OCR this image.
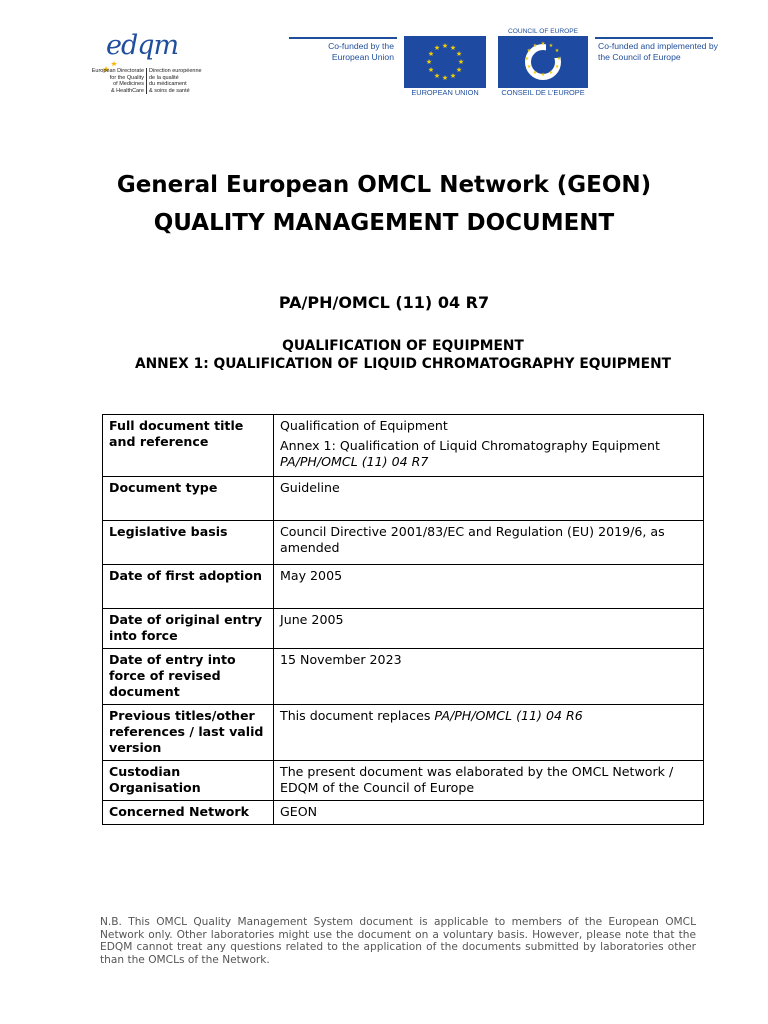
edqm
European Directorate
for the Quality
of Medicines
& HealthCare
Direction européenne
de la qualité
du médicament
& soins de santé
Co-funded by the European Union
★ ★
★
★
★
★
★
★
★
★
★
★
EUROPEAN UNION
COUNCIL OF EUROPE
★ ★
★
★
★
★
★
★
★
★
★
★
CONSEIL DE L'EUROPE
Co-funded and implemented by the Council of Europe
General European OMCL Network (GEON)
QUALITY MANAGEMENT DOCUMENT
PA/PH/OMCL (11) 04 R7
QUALIFICATION OF EQUIPMENT
ANNEX 1: QUALIFICATION OF LIQUID CHROMATOGRAPHY EQUIPMENT
Full document title and reference	Qualification of Equipment

Annex 1: Qualification of Liquid Chromatography Equipment

PA/PH/OMCL (11) 04 R7

Document type	Guideline
Legislative basis	Council Directive 2001/83/EC and Regulation (EU) 2019/6, as amended
Date of first adoption	May 2005
Date of original entry into force	June 2005
Date of entry into force of revised document	15 November 2023
Previous titles/other references / last valid version	This document replaces PA/PH/OMCL (11) 04 R6
Custodian Organisation	The present document was elaborated by the OMCL Network / EDQM of the Council of Europe
Concerned Network	GEON
N.B. This OMCL Quality Management System document is applicable to members of the European OMCL Network only. Other laboratories might use the document on a voluntary basis. However, please note that the EDQM cannot treat any questions related to the application of the documents submitted by laboratories other than the OMCLs of the Network.
